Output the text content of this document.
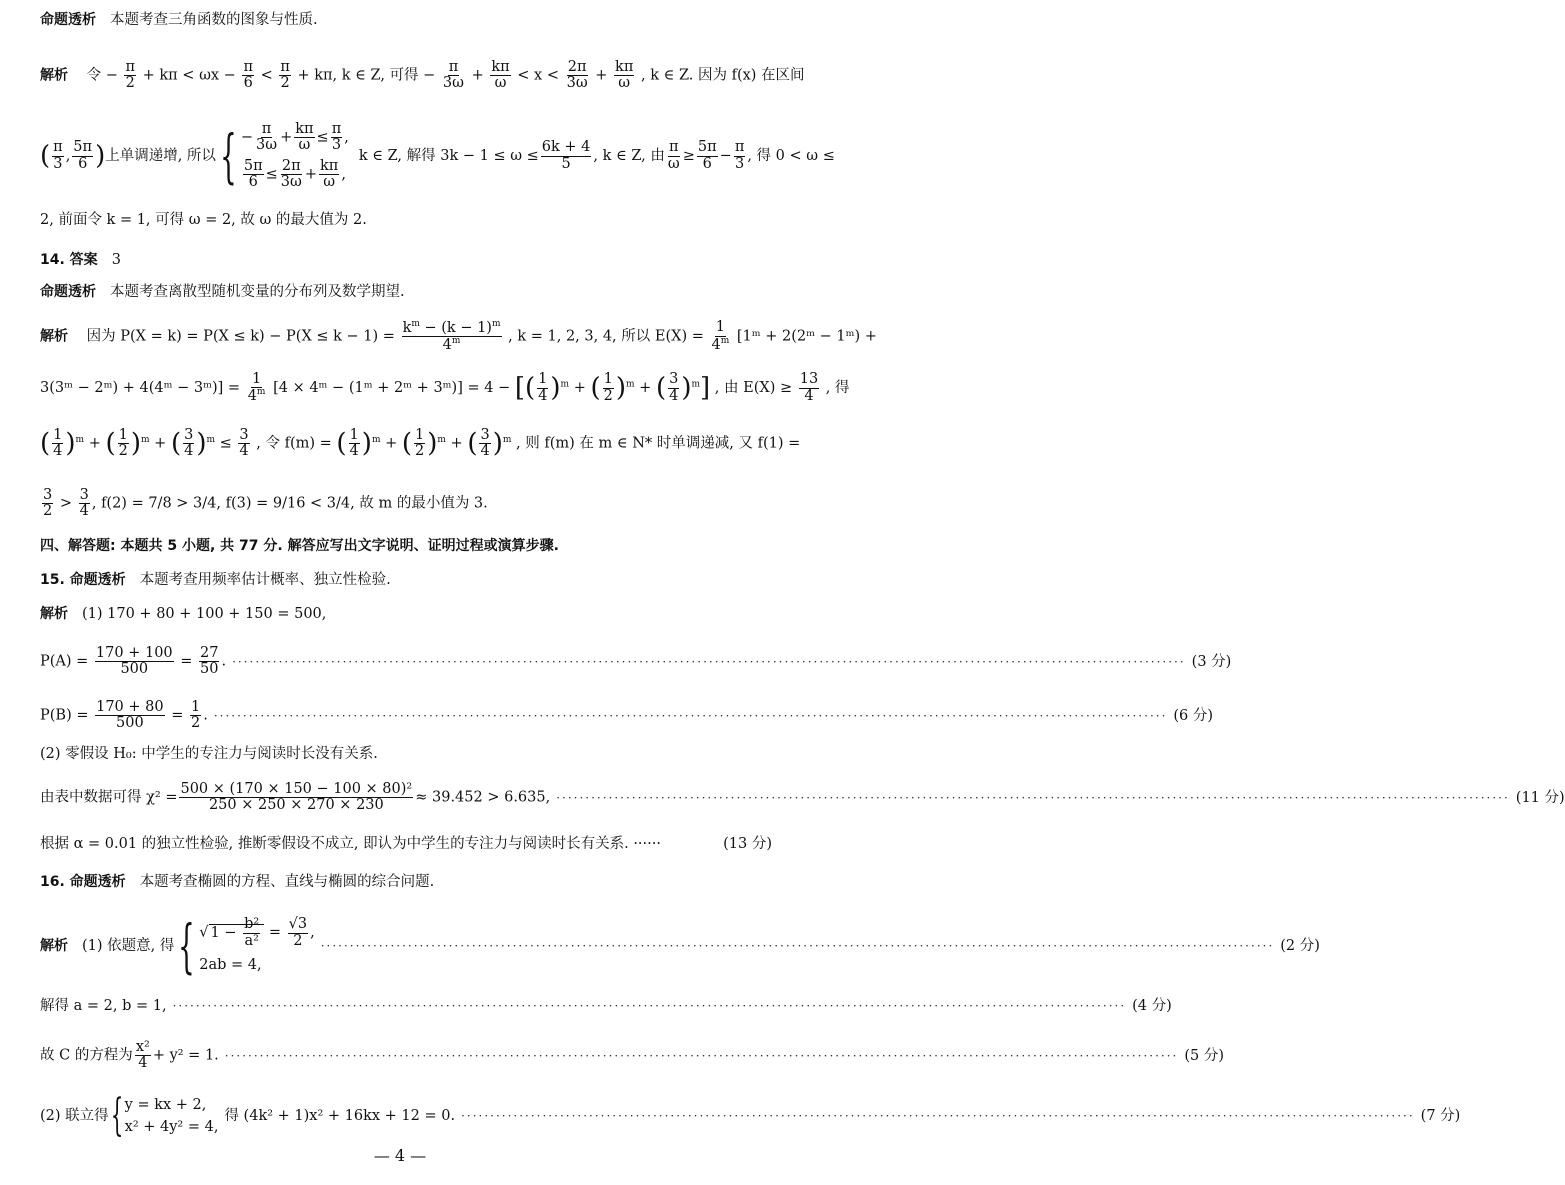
命题透析 本题考查三角函数的图象与性质.
解析 令 − $\frac{\pi}{2} + k\pi < \omega x - \frac{\pi}{6} < \frac{\pi}{2} + k\pi$, k ∈ Z, 可得 − $\frac{\pi}{3\omega} + \frac{k\pi}{\omega} < x < \frac{2\pi}{3\omega} + \frac{k\pi}{\omega}$ , k ∈ Z. 因为 f(x) 在区间
( $\frac{\pi}{3}$ , $\frac{5\pi}{6}$ ) 上单调递增, 所以 { − $\frac{\pi}{3\omega} + \frac{k\pi}{\omega} \le \frac{\pi}{3}$ ,
$\frac{5\pi}{6} \le \frac{2\pi}{3\omega} + \frac{k\pi}{\omega}$ ,
k ∈ Z, 解得 $3k - 1 \le \omega \le \frac{6k + 4}{5}$ , k ∈ Z, 由 $\frac{\pi}{\omega} \ge \frac{5\pi}{6} - \frac{\pi}{3}$ , 得 0 < ω ≤
2, 前面令 k = 1, 可得 ω = 2, 故 ω 的最大值为 2.
14. 答案 3
命题透析 本题考查离散型随机变量的分布列及数学期望.
解析 因为 $P(X = k) = P(X \le k) - P(X \le k - 1) = \frac{k^m - (k - 1)^m}{4^m}$ , k = 1, 2, 3, 4, 所以 $E(X) = \frac{1}{4^m}$ [1ᵐ + 2(2ᵐ − 1ᵐ) +
3(3ᵐ − 2ᵐ) + 4(4ᵐ − 3ᵐ)] = $\frac{1}{4^m} [4$ × 4ᵐ − (1ᵐ + 2ᵐ + 3ᵐ)] = 4 − [( $\frac{1}{4} )^m$ + ( $\frac{1}{2} )^m$ + ( $\frac{3}{4} )^m$] , 由 $E(X) \ge \frac{13}{4}$ , 得
( $\frac{1}{4} )^m$ + ( $\frac{1}{2} )^m$ + ( $\frac{3}{4} )^m \le \frac{3}{4}$ , 令 f(m) = ( $\frac{1}{4} )^m$ + ( $\frac{1}{2} )^m$ + ( $\frac{3}{4} )^m$ , 则 f(m) 在 m ∈ N* 时单调递减, 又 f(1) =
$\frac{3}{2} > \frac{3}{4}$ , f(2) = 7/8 > 3/4, f(3) = 9/16 < 3/4, 故 m 的最小值为 3.
四、解答题: 本题共 5 小题, 共 77 分. 解答应写出文字说明、证明过程或演算步骤.
15. 命题透析 本题考查用频率估计概率、独立性检验.
解析 (1) 170 + 80 + 100 + 150 = 500,
$P(A) = \frac{170 + 100}{500} = \frac{27}{50}$ . ·····	(3 分)
$P(B) = \frac{170 + 80}{500} = \frac{1}{2}$ . ·····	(6 分)
(2) 零假设 H₀: 中学生的专注力与阅读时长没有关系.
由表中数据可得 $\chi^2 = \frac{\text{500 × (170 × 150 − 100 × 80)²}}{250 \times 250 \times 270 \times 230} \approx 39.452 > 6.635$, ·····	(11 分)
根据 α = 0.01 的独立性检验, 推断零假设不成立, 即认为中学生的专注力与阅读时长有关系. ······	(13 分)
16. 命题透析 本题考查椭圆的方程、直线与椭圆的综合问题.
解析 (1) 依题意, 得 { √ $1 - \frac{\text{b²}}{\text{a²}} = \frac{√3}{2}$ ,
2ab = 4,
·····
(2 分)
解得 a = 2, b = 1, ·····	(4 分)
故 C 的方程为 $\frac{\text{x²}}{4} + y^2 = 1$. ·····	(5 分)
(2) 联立得 { y = kx + 2,
x² + 4y² = 4,
得 (4k² + 1)x² + 16kx + 12 = 0. ·····	(7 分)
— 4 —
